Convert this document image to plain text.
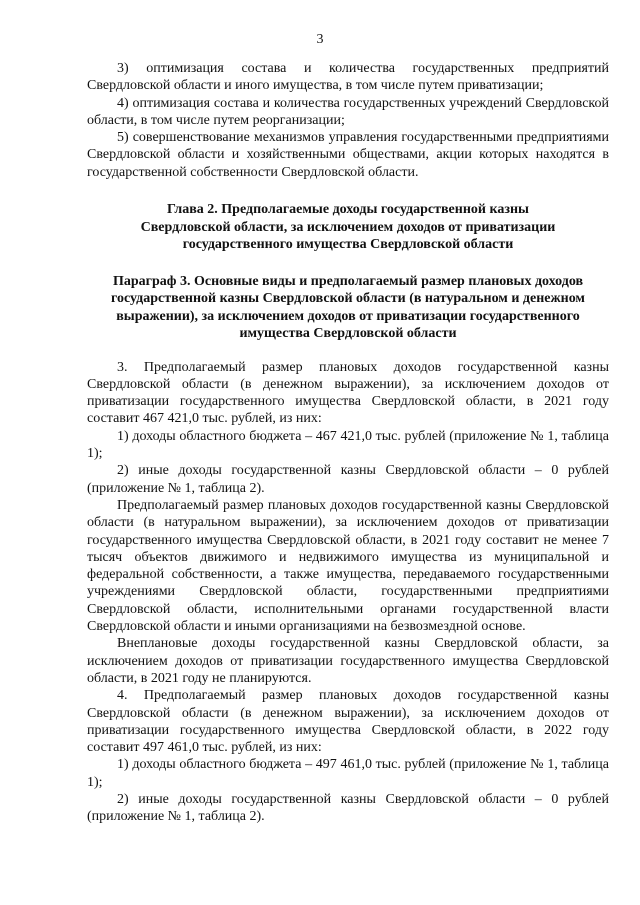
3

3) оптимизация состава и количества государственных предприятий Свердловской области и иного имущества, в том числе путем приватизации;

4) оптимизация состава и количества государственных учреждений Свердловской области, в том числе путем реорганизации;

5) совершенствование механизмов управления государственными предприятиями Свердловской области и хозяйственными обществами, акции которых находятся в государственной собственности Свердловской области.

Глава 2. Предполагаемые доходы государственной казны Свердловской области, за исключением доходов от приватизации государственного имущества Свердловской области
Параграф 3. Основные виды и предполагаемый размер плановых доходов государственной казны Свердловской области (в натуральном и денежном выражении), за исключением доходов от приватизации государственного имущества Свердловской области

3. Предполагаемый размер плановых доходов государственной казны Свердловской области (в денежном выражении), за исключением доходов от приватизации государственного имущества Свердловской области, в 2021 году составит 467 421,0 тыс. рублей, из них:

1) доходы областного бюджета – 467 421,0 тыс. рублей (приложение № 1, таблица 1);

2) иные доходы государственной казны Свердловской области – 0 рублей (приложение № 1, таблица 2).

Предполагаемый размер плановых доходов государственной казны Свердловской области (в натуральном выражении), за исключением доходов от приватизации государственного имущества Свердловской области, в 2021 году составит не менее 7 тысяч объектов движимого и недвижимого имущества из муниципальной и федеральной собственности, а также имущества, передаваемого государственными учреждениями Свердловской области, государственными предприятиями Свердловской области, исполнительными органами государственной власти Свердловской области и иными организациями на безвозмездной основе.

Внеплановые доходы государственной казны Свердловской области, за исключением доходов от приватизации государственного имущества Свердловской области, в 2021 году не планируются.

4. Предполагаемый размер плановых доходов государственной казны Свердловской области (в денежном выражении), за исключением доходов от приватизации государственного имущества Свердловской области, в 2022 году составит 497 461,0 тыс. рублей, из них:

1) доходы областного бюджета – 497 461,0 тыс. рублей (приложение № 1, таблица 1);

2) иные доходы государственной казны Свердловской области – 0 рублей (приложение № 1, таблица 2).
